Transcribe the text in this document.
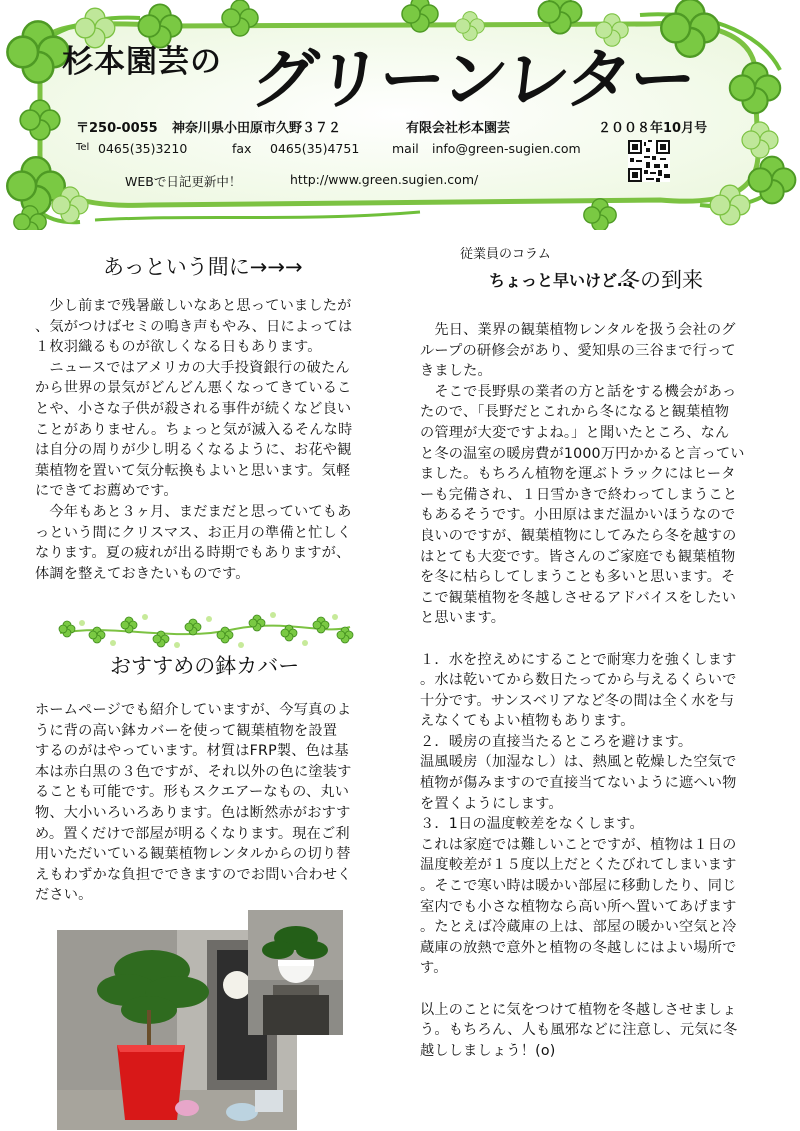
杉本園芸の グリーンレター
〒250-0055 神奈川県小田原市久野３７２	有限会社杉本園芸	２００８年10月号
Tel 0465(35)3210	fax 0465(35)4751	mail info@green-sugien.com
WEBで日記更新中！	http://www.green.sugien.com/
あっという間に→→→
　少し前まで残暑厳しいなあと思っていましたが
、気がつけばセミの鳴き声もやみ、日によっては
１枚羽織るものが欲しくなる日もあります。
　ニュースではアメリカの大手投資銀行の破たん
から世界の景気がどんどん悪くなってきているこ
とや、小さな子供が殺される事件が続くなど良い
ことがありません。ちょっと気が滅入るそんな時
は自分の周りが少し明るくなるように、お花や観
葉植物を置いて気分転換もよいと思います。気軽
にできてお薦めです。
　今年もあと３ヶ月、まだまだと思っていてもあ
っという間にクリスマス、お正月の準備と忙しく
なります。夏の疲れが出る時期でもありますが、
体調を整えておきたいものです。
おすすめの鉢カバー
ホームページでも紹介していますが、今写真のよ
うに背の高い鉢カバーを使って観葉植物を設置
するのがはやっています。材質はFRP製、色は基
本は赤白黒の３色ですが、それ以外の色に塗装す
ることも可能です。形もスクエアーなもの、丸い
物、大小いろいろあります。色は断然赤がおすす
め。置くだけで部屋が明るくなります。現在ご利
用いただいている観葉植物レンタルからの切り替
えもわずかな負担でできますのでお問い合わせく
ださい。
従業員のコラム
ちょっと早いけど…
冬の到来
　先日、業界の観葉植物レンタルを扱う会社のグ
ループの研修会があり、愛知県の三谷まで行って
きました。
　そこで長野県の業者の方と話をする機会があっ
たので、「長野だとこれから冬になると観葉植物
の管理が大変ですよね。」と聞いたところ、なん
と冬の温室の暖房費が1000万円かかると言ってい
ました。もちろん植物を運ぶトラックにはヒータ
ーも完備され、１日雪かきで終わってしまうこと
もあるそうです。小田原はまだ温かいほうなので
良いのですが、観葉植物にしてみたら冬を越すの
はとても大変です。皆さんのご家庭でも観葉植物
を冬に枯らしてしまうことも多いと思います。そ
こで観葉植物を冬越しさせるアドバイスをしたい
と思います。

１．水を控えめにすることで耐寒力を強くします
。水は乾いてから数日たってから与えるくらいで
十分です。サンスベリアなど冬の間は全く水を与
えなくてもよい植物もあります。
２．暖房の直接当たるところを避けます。
温風暖房（加湿なし）は、熱風と乾燥した空気で
植物が傷みますので直接当てないように遮へい物
を置くようにします。
３．1日の温度較差をなくします。
これは家庭では難しいことですが、植物は１日の
温度較差が１５度以上だとくたびれてしまいます
。そこで寒い時は暖かい部屋に移動したり、同じ
室内でも小さな植物なら高い所へ置いてあげます
。たとえば冷蔵庫の上は、部屋の暖かい空気と冷
蔵庫の放熱で意外と植物の冬越しにはよい場所で
す。

以上のことに気をつけて植物を冬越しさせましょ
う。もちろん、人も風邪などに注意し、元気に冬
越ししましょう！(o)
